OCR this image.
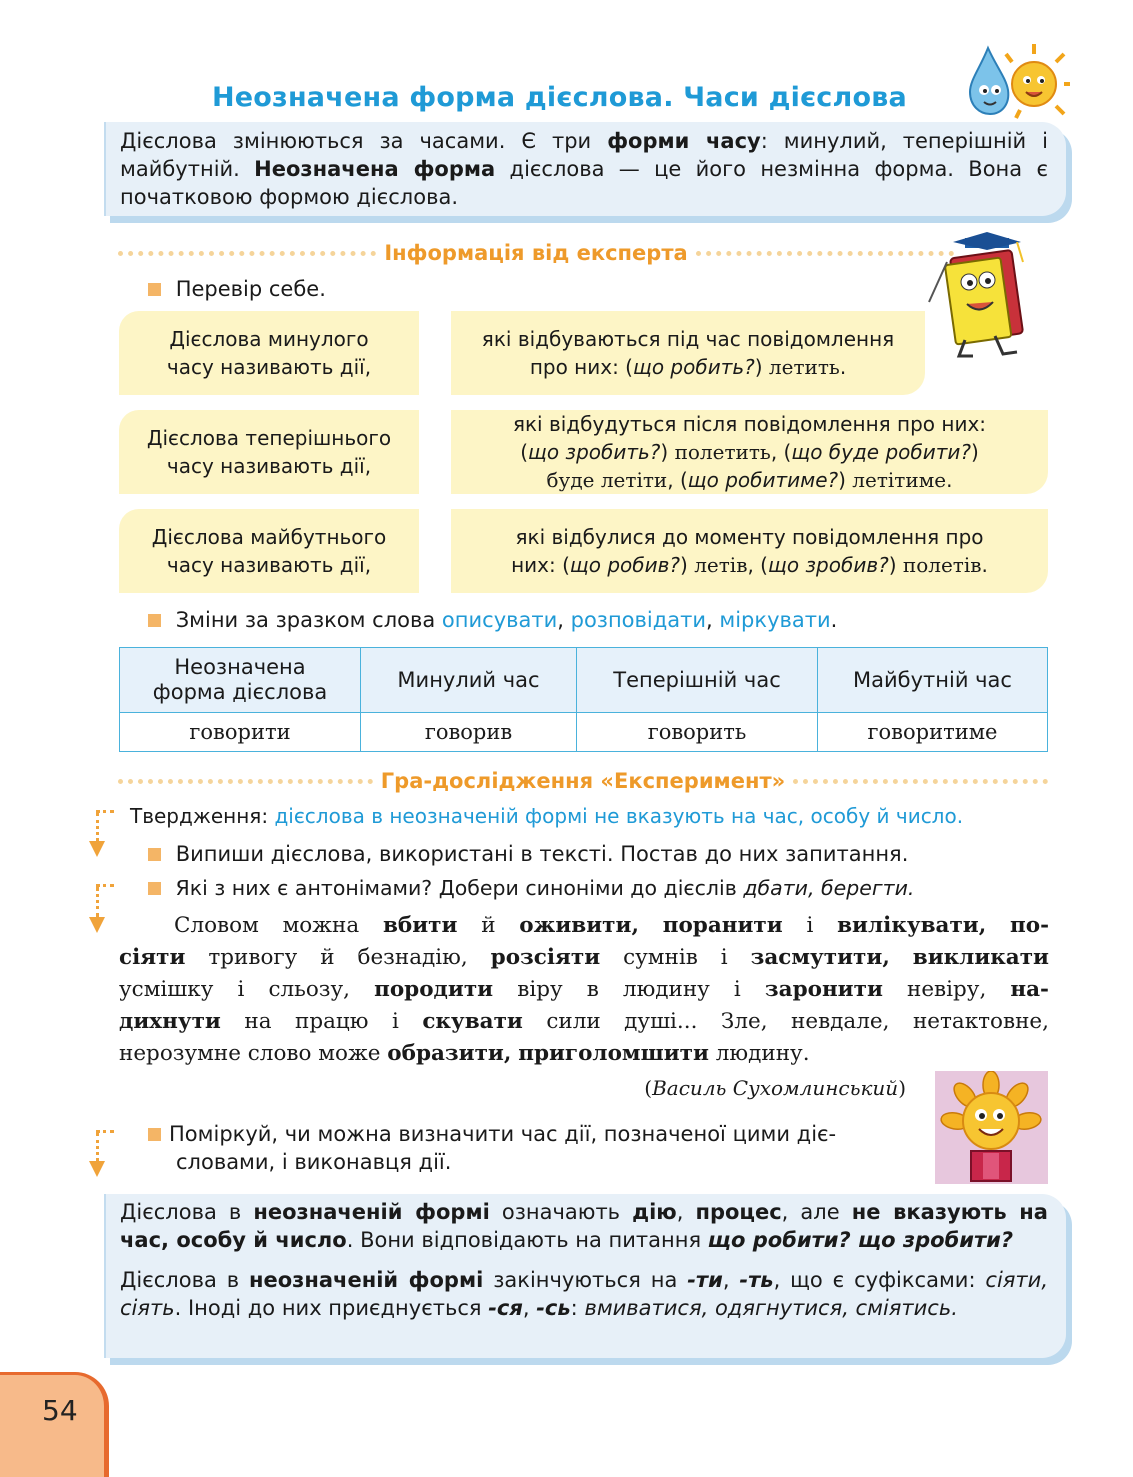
Неозначена форма дієслова. Часи дієслова

Дієслова змінюються за часами. Є три форми часу: минулий, теперішній і майбутній. Неозначена форма дієслова — це його незмінна форма. Вона є початковою формою дієслова.

Інформація від експерта
Перевір себе.
Дієслова минулого
часу називають дії,
Дієслова теперішнього
часу називають дії,
Дієслова майбутнього
часу називають дії,
які відбуваються під час повідомлення
про них: (що робить?) летить.
які відбудуться після повідомлення про них:
(що зробить?) полетить, (що буде робити?)
буде летіти, (що робитиме?) летітиме.
які відбулися до моменту повідомлення про
них: (що робив?) летів, (що зробив?) полетів.
Зміни за зразком слова описувати, розповідати, міркувати.
Неозначена
форма дієслова	Минулий час	Теперішній час	Майбутній час
говорити	говорив	говорить	говоритиме
Гра-дослідження «Експеримент»
Твердження: дієслова в неозначеній формі не вказують на час, особу й число.
Випиши дієслова, використані в тексті. Постав до них запитання.
Які з них є антонімами? Добери синоніми до дієслів дбати, берегти.

Словом можна вбити й оживити, поранити і вилікувати, по-

сіяти тривогу й безнадію, розсіяти сумнів і засмутити, викликати

усмішку і сльозу, породити віру в людину і заронити невіру, на-

дихнути на працю і скувати сили душі... Зле, невдале, нетактовне,

нерозумне слово може образити, приголомшити людину.

(Василь Сухомлинський)
Поміркуй, чи можна визначити час дії, позначеної цими діє-
словами, і виконавця дії.

Дієслова в неозначеній формі означають дію, процес, але не вказують на час, особу й число. Вони відповідають на питання що робити? що зробити?

Дієслова в неозначеній формі закінчуються на -ти, -ть, що є суфіксами: сіяти, сіять. Іноді до них приєднується -ся, -сь: вмиватися, одягнутися, сміятись.

54
